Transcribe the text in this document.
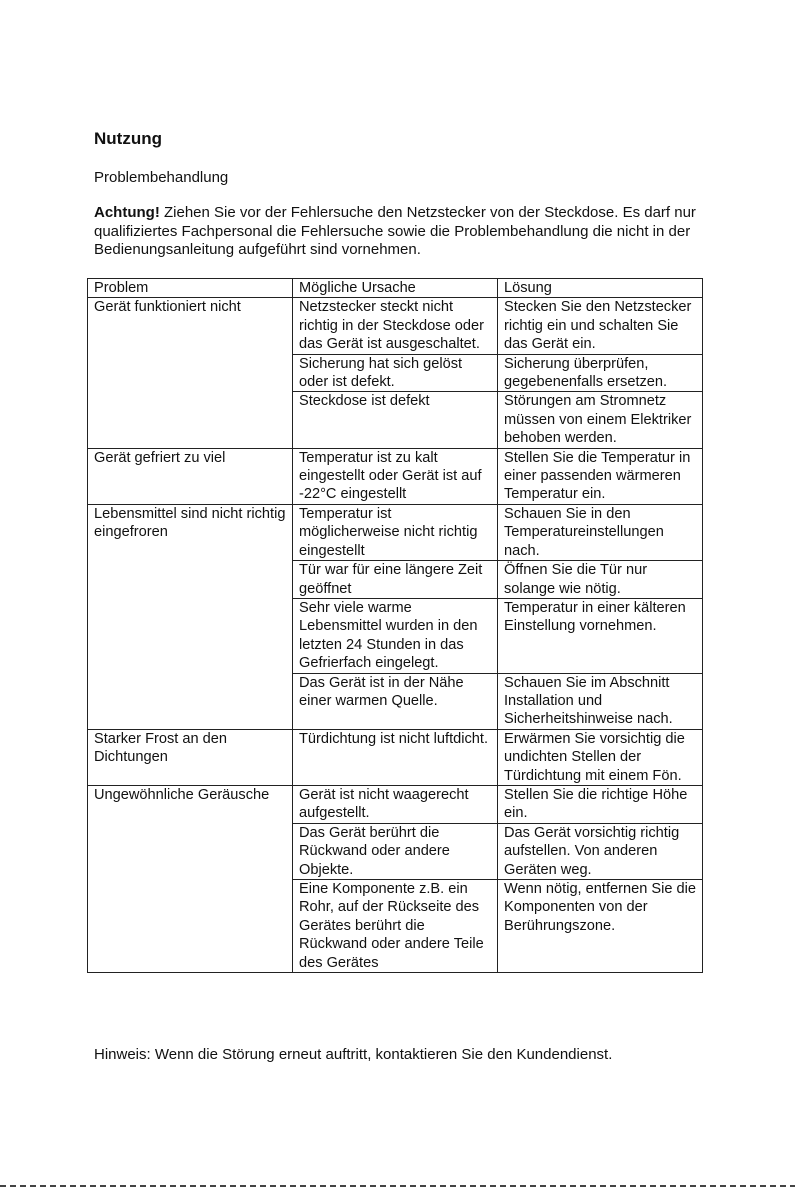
Nutzung
Problembehandlung
Achtung! Ziehen Sie vor der Fehlersuche den Netzstecker von der Steckdose. Es darf nur qualifiziertes Fachpersonal die Fehlersuche sowie die Problembehandlung die nicht in der Bedienungsanleitung aufgeführt sind vornehmen.
Problem	Mögliche Ursache	Lösung
Gerät funktioniert nicht	Netzstecker steckt nicht richtig in der Steckdose oder das Gerät ist ausgeschaltet.	Stecken Sie den Netzstecker richtig ein und schalten Sie das Gerät ein.
	Sicherung hat sich gelöst oder ist defekt.	Sicherung überprüfen, gegebenenfalls ersetzen.
	Steckdose ist defekt	Störungen am Stromnetz müssen von einem Elektriker behoben werden.
Gerät gefriert zu viel	Temperatur ist zu kalt eingestellt oder Gerät ist auf -22°C eingestellt	Stellen Sie die Temperatur in einer passenden wärmeren Temperatur ein.
Lebensmittel sind nicht richtig eingefroren	Temperatur ist möglicherweise nicht richtig eingestellt	Schauen Sie in den Temperatureinstellungen nach.
	Tür war für eine längere Zeit geöffnet	Öffnen Sie die Tür nur solange wie nötig.
	Sehr viele warme Lebensmittel wurden in den letzten 24 Stunden in das Gefrierfach eingelegt.	Temperatur in einer kälteren Einstellung vornehmen.
	Das Gerät ist in der Nähe einer warmen Quelle.	Schauen Sie im Abschnitt Installation und Sicherheitshinweise nach.
Starker Frost an den Dichtungen	Türdichtung ist nicht luftdicht.	Erwärmen Sie vorsichtig die undichten Stellen der Türdichtung mit einem Fön.
Ungewöhnliche Geräusche	Gerät ist nicht waagerecht aufgestellt.	Stellen Sie die richtige Höhe ein.
	Das Gerät berührt die Rückwand oder andere Objekte.	Das Gerät vorsichtig richtig aufstellen. Von anderen Geräten weg.
	Eine Komponente z.B. ein Rohr, auf der Rückseite des Gerätes berührt die Rückwand oder andere Teile des Gerätes	Wenn nötig, entfernen Sie die Komponenten von der Berührungszone.
Hinweis: Wenn die Störung erneut auftritt, kontaktieren Sie den Kundendienst.
